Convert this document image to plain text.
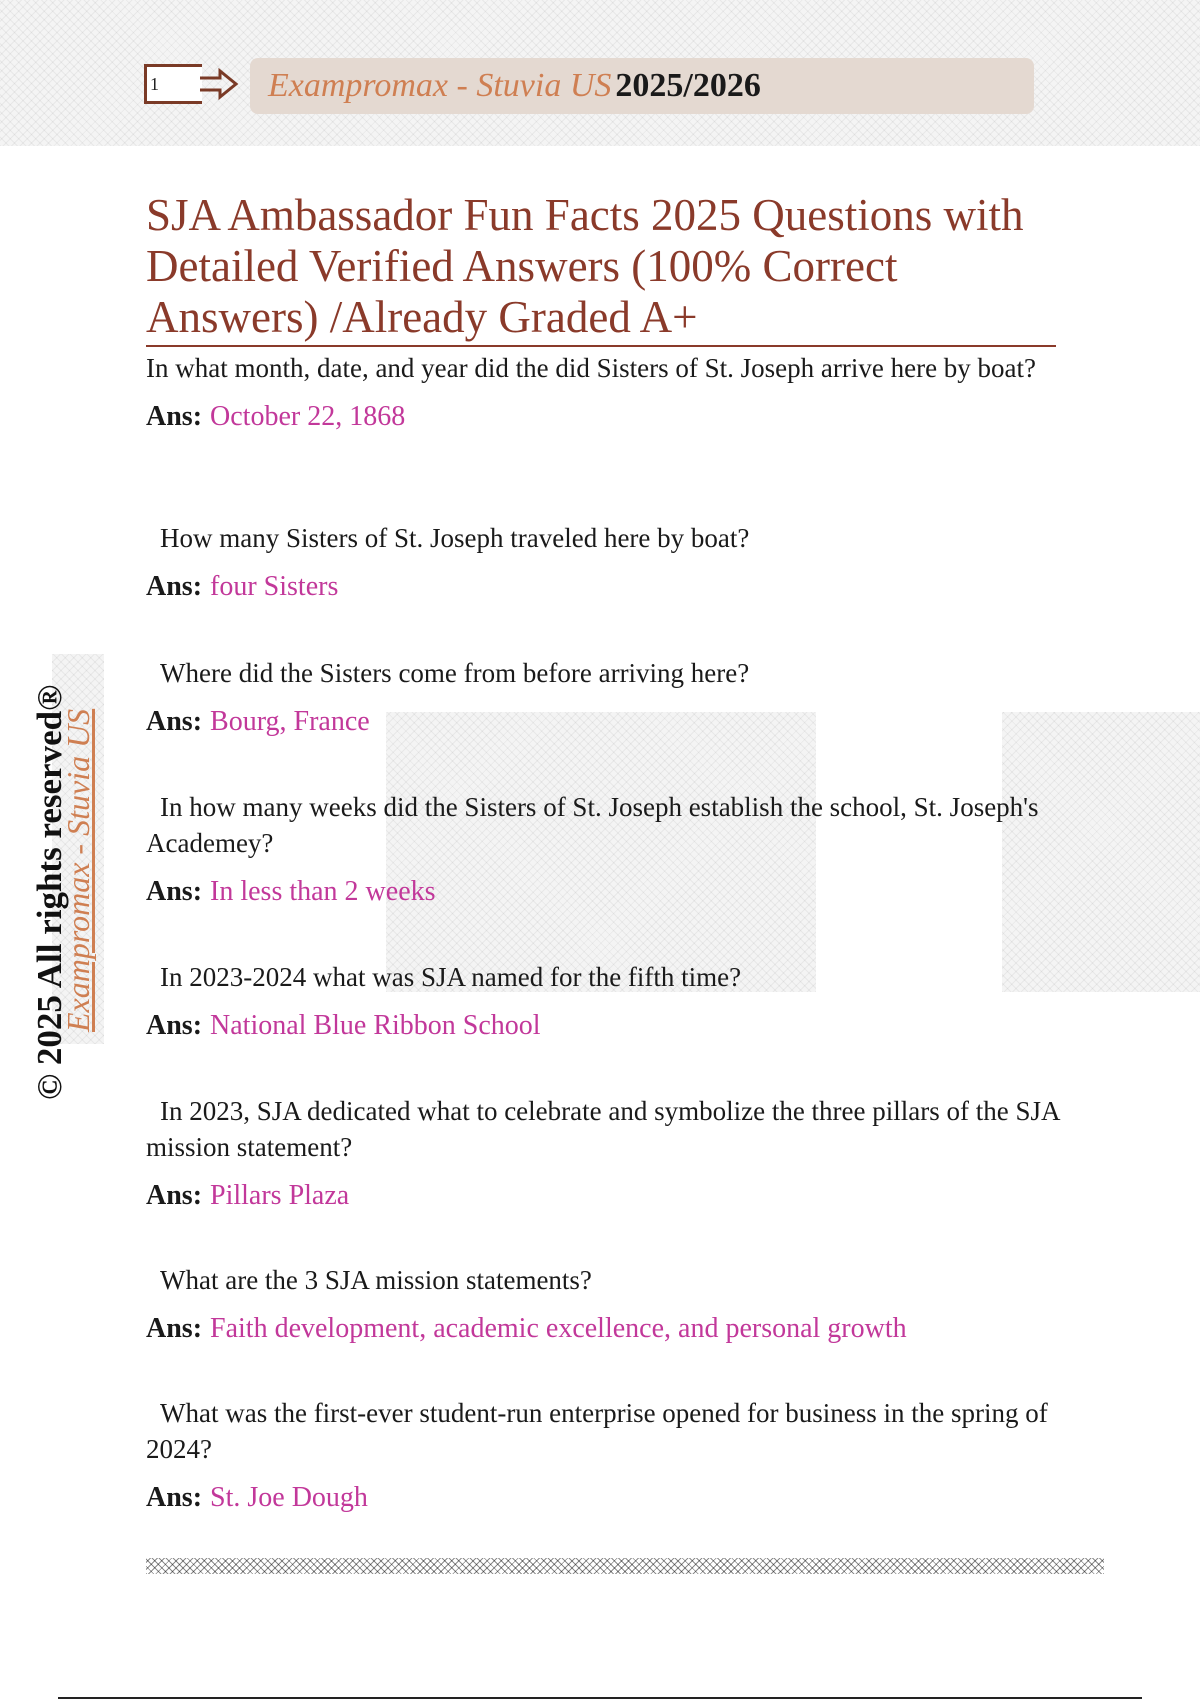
1	Exampromax - Stuvia US 2025/2026
© 2025 All rights reserved®
Exampromax - Stuvia US
SJA Ambassador Fun Facts 2025 Questions with Detailed Verified Answers (100% Correct Answers) /Already Graded A+
In what month, date, and year did the did Sisters of St. Joseph arrive here by boat?
Ans: October 22, 1868
How many Sisters of St. Joseph traveled here by boat?
Ans: four Sisters
Where did the Sisters come from before arriving here?
Ans: Bourg, France
In how many weeks did the Sisters of St. Joseph establish the school, St. Joseph's Academey?
Ans: In less than 2 weeks
In 2023-2024 what was SJA named for the fifth time?
Ans: National Blue Ribbon School
In 2023, SJA dedicated what to celebrate and symbolize the three pillars of the SJA mission statement?
Ans: Pillars Plaza
What are the 3 SJA mission statements?
Ans: Faith development, academic excellence, and personal growth
What was the first-ever student-run enterprise opened for business in the spring of 2024?
Ans: St. Joe Dough
